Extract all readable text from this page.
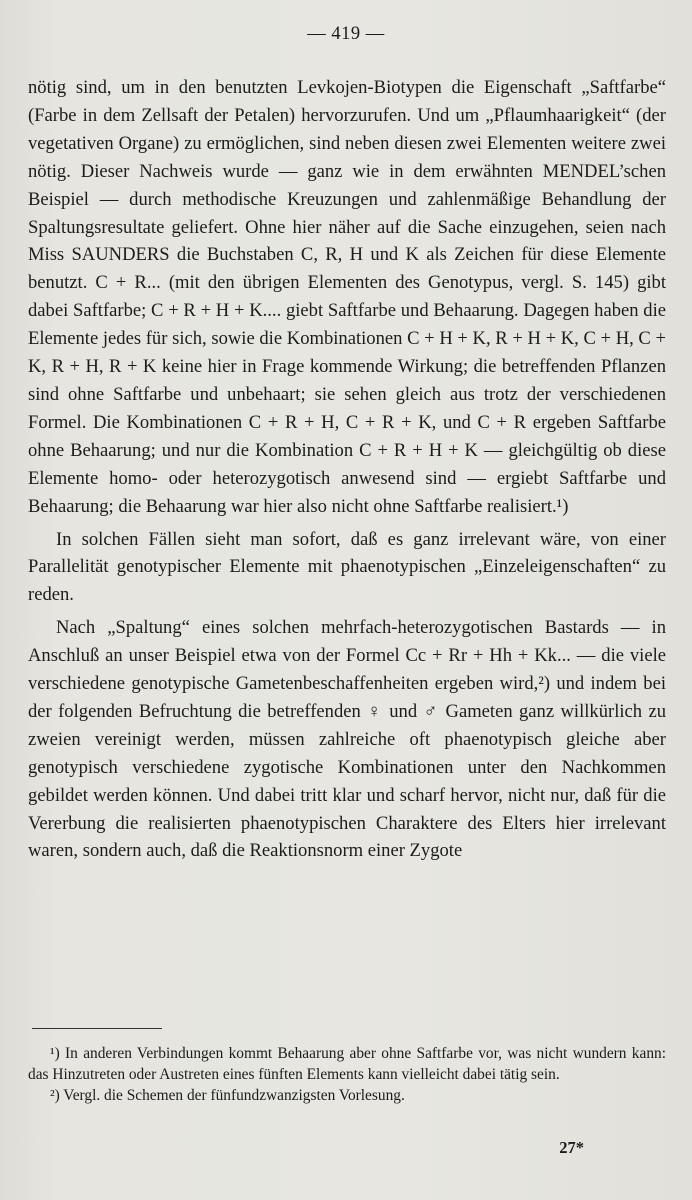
— 419 —

nötig sind, um in den benutzten Levkojen-Biotypen die Eigenschaft „Saftfarbe“ (Farbe in dem Zellsaft der Petalen) hervorzurufen. Und um „Pflaumhaarigkeit“ (der vegetativen Organe) zu ermöglichen, sind neben diesen zwei Elementen weitere zwei nötig. Dieser Nachweis wurde — ganz wie in dem erwähnten MENDEL’schen Beispiel — durch methodische Kreuzungen und zahlenmäßige Behandlung der Spaltungsresultate geliefert. Ohne hier näher auf die Sache einzugehen, seien nach Miss SAUNDERS die Buchstaben C, R, H und K als Zeichen für diese Elemente benutzt. C + R... (mit den übrigen Elementen des Genotypus, vergl. S. 145) gibt dabei Saftfarbe; C + R + H + K.... giebt Saftfarbe und Behaarung. Dagegen haben die Elemente jedes für sich, sowie die Kombinationen C + H + K, R + H + K, C + H, C + K, R + H, R + K keine hier in Frage kommende Wirkung; die betreffenden Pflanzen sind ohne Saftfarbe und unbehaart; sie sehen gleich aus trotz der verschiedenen Formel. Die Kombinationen C + R + H, C + R + K, und C + R ergeben Saftfarbe ohne Behaarung; und nur die Kombination C + R + H + K — gleichgültig ob diese Elemente homo- oder heterozygotisch anwesend sind — ergiebt Saftfarbe und Behaarung; die Behaarung war hier also nicht ohne Saftfarbe realisiert.¹)

In solchen Fällen sieht man sofort, daß es ganz irrelevant wäre, von einer Parallelität genotypischer Elemente mit phaenotypischen „Einzeleigenschaften“ zu reden.

Nach „Spaltung“ eines solchen mehrfach-heterozygotischen Bastards — in Anschluß an unser Beispiel etwa von der Formel Cc + Rr + Hh + Kk... — die viele verschiedene genotypische Gametenbeschaffenheiten ergeben wird,²) und indem bei der folgenden Befruchtung die betreffenden ♀ und ♂ Gameten ganz willkürlich zu zweien vereinigt werden, müssen zahlreiche oft phaenotypisch gleiche aber genotypisch verschiedene zygotische Kombinationen unter den Nachkommen gebildet werden können. Und dabei tritt klar und scharf hervor, nicht nur, daß für die Vererbung die realisierten phaenotypischen Charaktere des Elters hier irrelevant waren, sondern auch, daß die Reaktionsnorm einer Zygote

¹) In anderen Verbindungen kommt Behaarung aber ohne Saftfarbe vor, was nicht wundern kann: das Hinzutreten oder Austreten eines fünften Elements kann vielleicht dabei tätig sein.

²) Vergl. die Schemen der fünfundzwanzigsten Vorlesung.

27*
